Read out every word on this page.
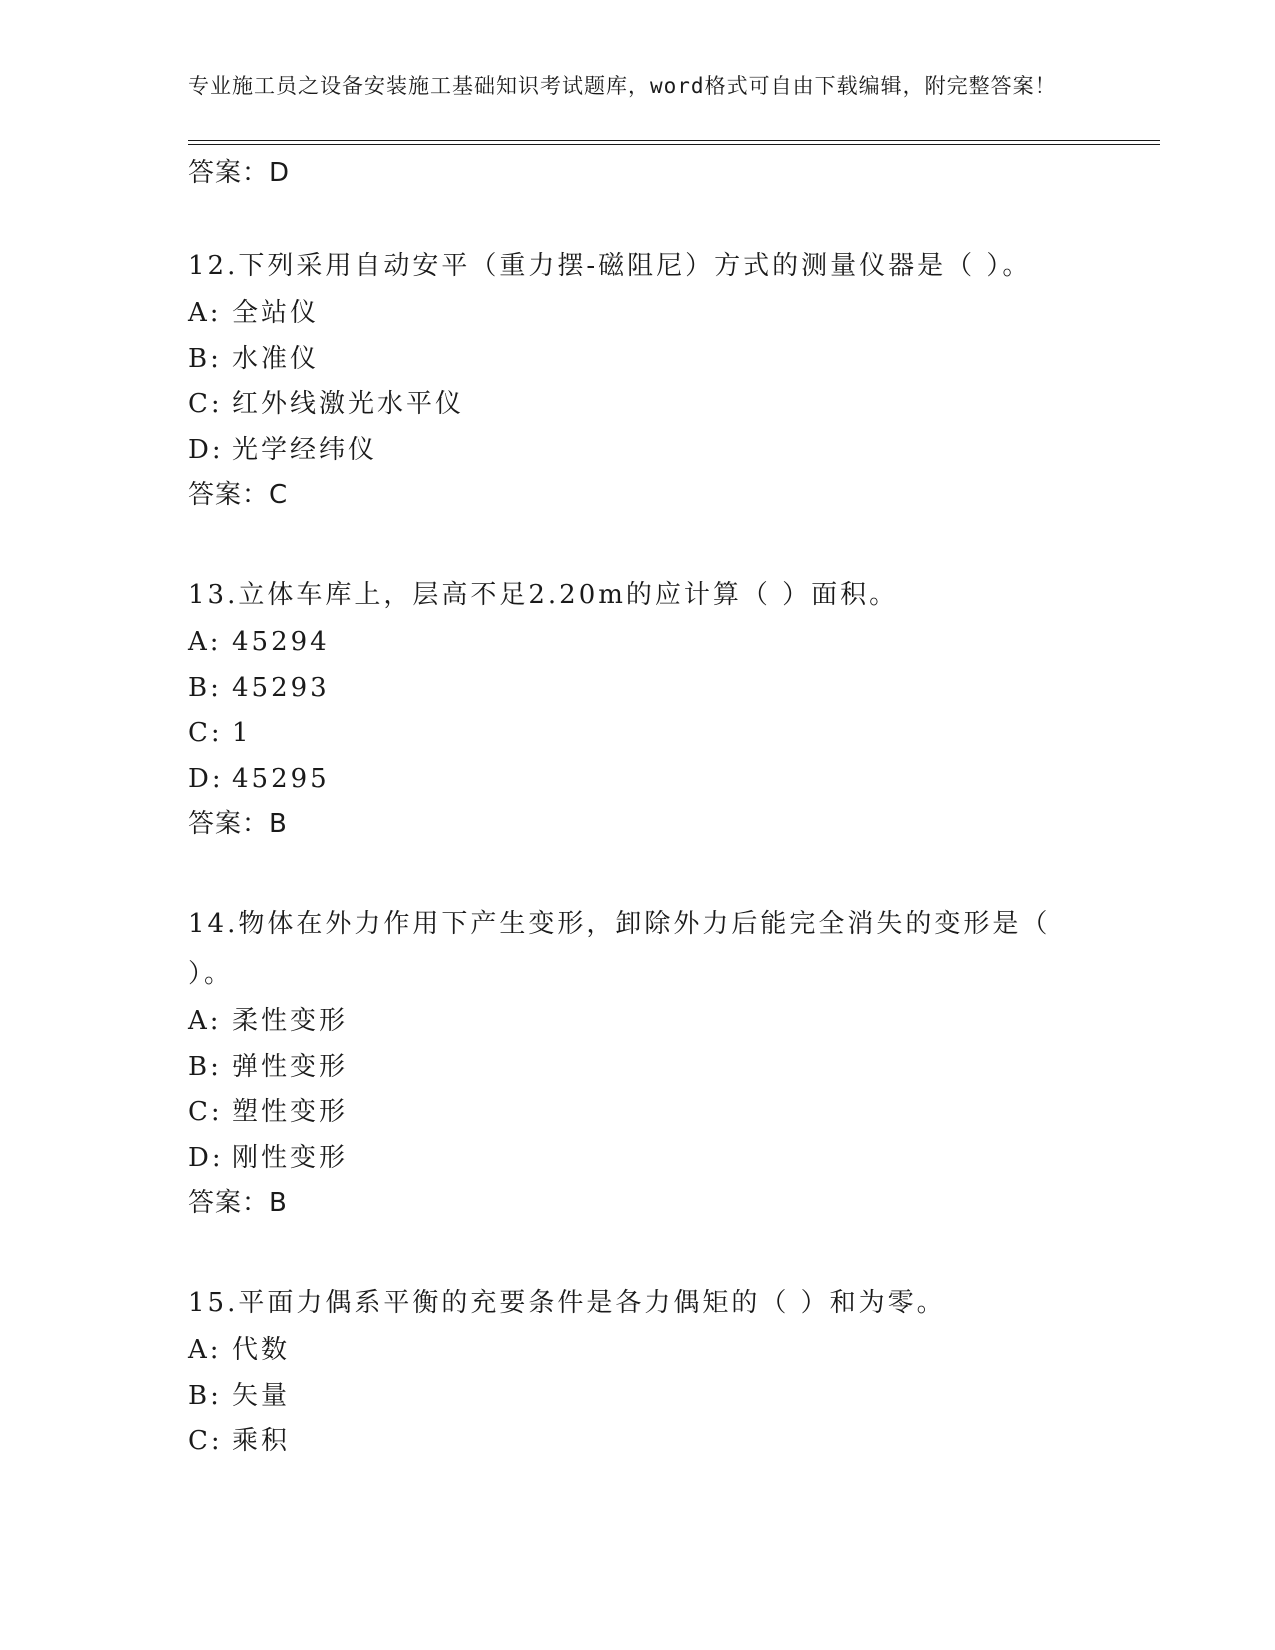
专业施工员之设备安装施工基础知识考试题库，word格式可自由下载编辑，附完整答案！

答案：D

12.下列采用自动安平（重力摆-磁阻尼）方式的测量仪器是（ ）。

A: 全站仪

B: 水准仪

C: 红外线激光水平仪

D: 光学经纬仪

答案：C

13.立体车库上，层高不足2.20m的应计算（ ）面积。

A: 45294

B: 45293

C: 1

D: 45295

答案：B

14.物体在外力作用下产生变形，卸除外力后能完全消失的变形是（ ）。

A: 柔性变形

B: 弹性变形

C: 塑性变形

D: 刚性变形

答案：B

15.平面力偶系平衡的充要条件是各力偶矩的（ ）和为零。

A: 代数

B: 矢量

C: 乘积
